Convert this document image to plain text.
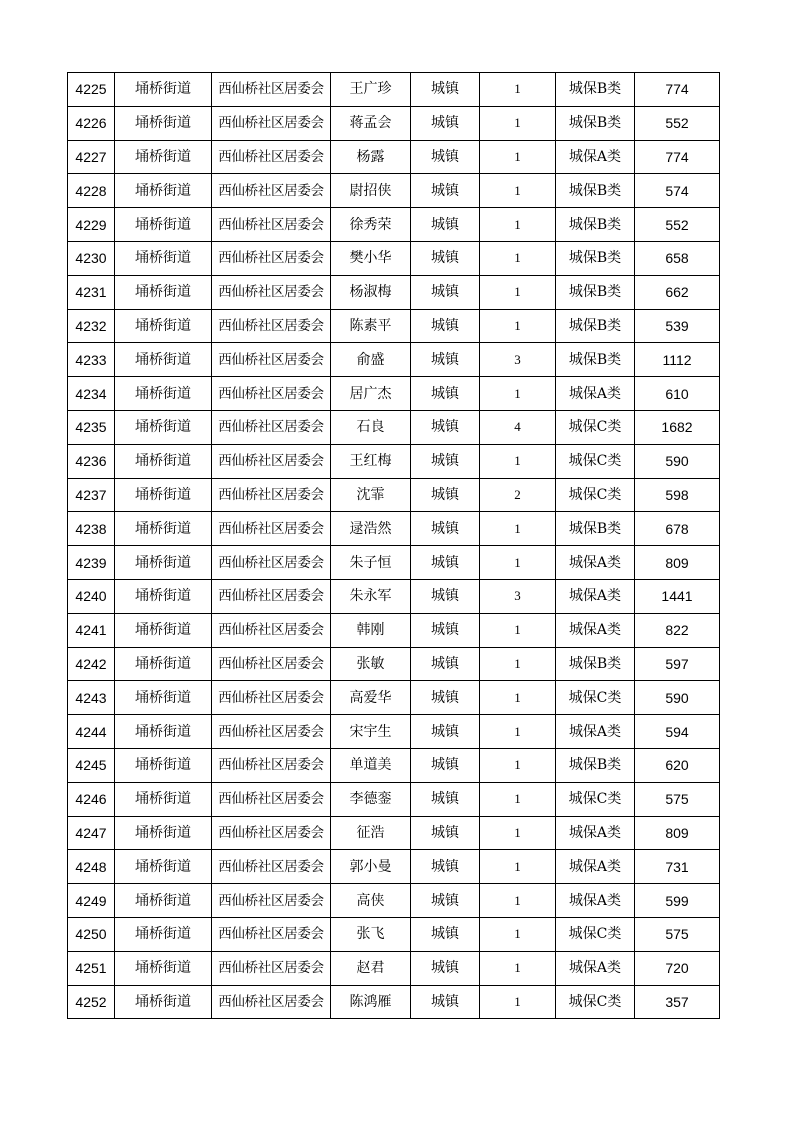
4225	埇桥街道	西仙桥社区居委会	王广珍	城镇	1	城保B类	774
4226	埇桥街道	西仙桥社区居委会	蒋孟会	城镇	1	城保B类	552
4227	埇桥街道	西仙桥社区居委会	杨露	城镇	1	城保A类	774
4228	埇桥街道	西仙桥社区居委会	尉招侠	城镇	1	城保B类	574
4229	埇桥街道	西仙桥社区居委会	徐秀荣	城镇	1	城保B类	552
4230	埇桥街道	西仙桥社区居委会	樊小华	城镇	1	城保B类	658
4231	埇桥街道	西仙桥社区居委会	杨淑梅	城镇	1	城保B类	662
4232	埇桥街道	西仙桥社区居委会	陈素平	城镇	1	城保B类	539
4233	埇桥街道	西仙桥社区居委会	俞盛	城镇	3	城保B类	1112
4234	埇桥街道	西仙桥社区居委会	居广杰	城镇	1	城保A类	610
4235	埇桥街道	西仙桥社区居委会	石良	城镇	4	城保C类	1682
4236	埇桥街道	西仙桥社区居委会	王红梅	城镇	1	城保C类	590
4237	埇桥街道	西仙桥社区居委会	沈霏	城镇	2	城保C类	598
4238	埇桥街道	西仙桥社区居委会	逯浩然	城镇	1	城保B类	678
4239	埇桥街道	西仙桥社区居委会	朱子恒	城镇	1	城保A类	809
4240	埇桥街道	西仙桥社区居委会	朱永军	城镇	3	城保A类	1441
4241	埇桥街道	西仙桥社区居委会	韩刚	城镇	1	城保A类	822
4242	埇桥街道	西仙桥社区居委会	张敏	城镇	1	城保B类	597
4243	埇桥街道	西仙桥社区居委会	高爱华	城镇	1	城保C类	590
4244	埇桥街道	西仙桥社区居委会	宋宇生	城镇	1	城保A类	594
4245	埇桥街道	西仙桥社区居委会	单道美	城镇	1	城保B类	620
4246	埇桥街道	西仙桥社区居委会	李德銮	城镇	1	城保C类	575
4247	埇桥街道	西仙桥社区居委会	征浩	城镇	1	城保A类	809
4248	埇桥街道	西仙桥社区居委会	郭小曼	城镇	1	城保A类	731
4249	埇桥街道	西仙桥社区居委会	高侠	城镇	1	城保A类	599
4250	埇桥街道	西仙桥社区居委会	张飞	城镇	1	城保C类	575
4251	埇桥街道	西仙桥社区居委会	赵君	城镇	1	城保A类	720
4252	埇桥街道	西仙桥社区居委会	陈鸿雁	城镇	1	城保C类	357
